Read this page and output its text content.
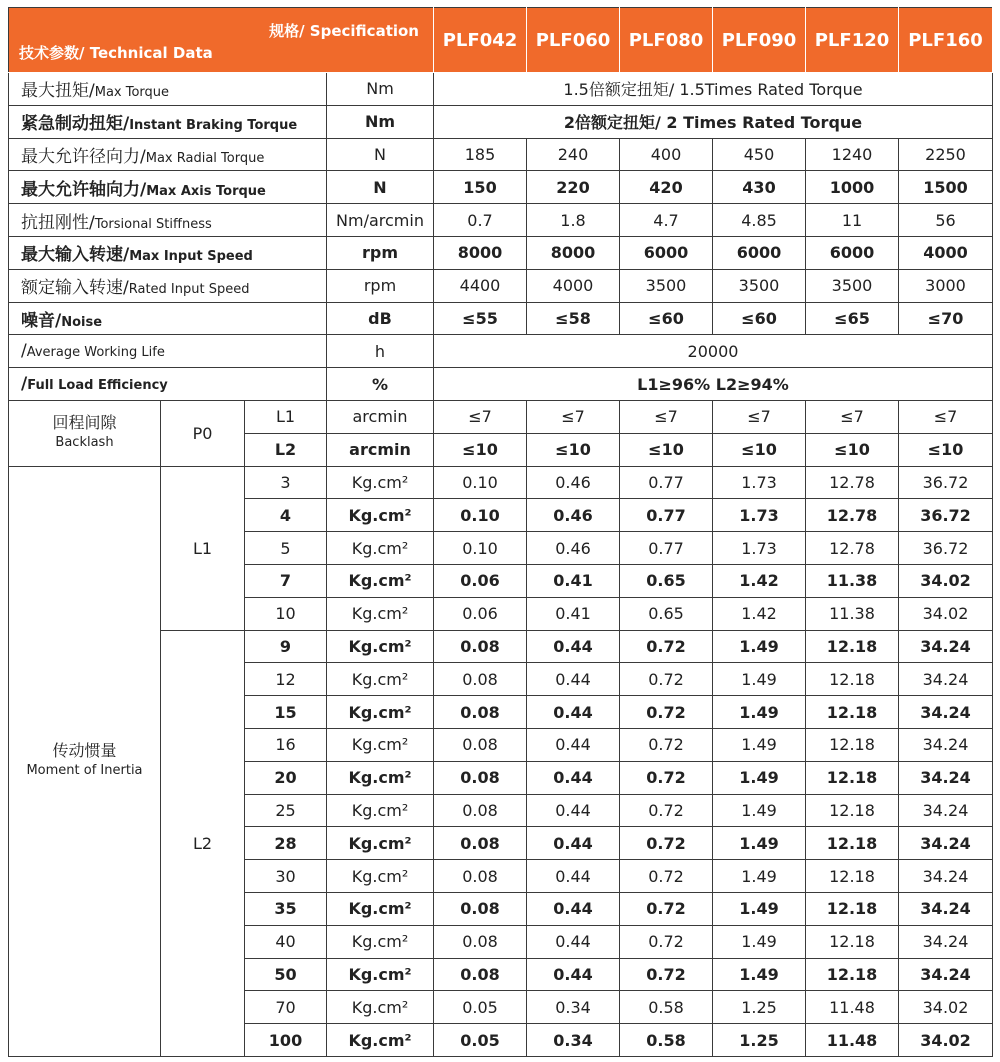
规格/ Specification
技术参数/ Technical Data				PLF042	PLF060	PLF080	PLF090	PLF120	PLF160
最大扭矩/Max Torque			Nm	1.5倍额定扭矩/ 1.5Times Rated Torque					
紧急制动扭矩/Instant Braking Torque			Nm	2倍额定扭矩/ 2 Times Rated Torque					
最大允许径向力/Max Radial Torque			N	185	240	400	450	1240	2250
最大允许轴向力/Max Axis Torque			N	150	220	420	430	1000	1500
抗扭刚性/Torsional Stiffness			Nm/arcmin	0.7	1.8	4.7	4.85	11	56
最大输入转速/Max Input Speed			rpm	8000	8000	6000	6000	6000	4000
额定输入转速/Rated Input Speed			rpm	4400	4000	3500	3500	3500	3000
噪音/Noise			dB	≤55	≤58	≤60	≤60	≤65	≤70
/Average Working Life			h	20000					
/Full Load Efficiency			%	L1≥96% L2≥94%					

回程间隙
Backlash	P0	L1	arcmin	≤7	≤7	≤7	≤7	≤7	≤7
		L2	arcmin	≤10	≤10	≤10	≤10	≤10	≤10

传动惯量
Moment of Inertia	L1	3	Kg.cm²	0.10	0.46	0.77	1.73	12.78	36.72
		4	Kg.cm²	0.10	0.46	0.77	1.73	12.78	36.72
		5	Kg.cm²	0.10	0.46	0.77	1.73	12.78	36.72
		7	Kg.cm²	0.06	0.41	0.65	1.42	11.38	34.02
		10	Kg.cm²	0.06	0.41	0.65	1.42	11.38	34.02
	L2	9	Kg.cm²	0.08	0.44	0.72	1.49	12.18	34.24
		12	Kg.cm²	0.08	0.44	0.72	1.49	12.18	34.24
		15	Kg.cm²	0.08	0.44	0.72	1.49	12.18	34.24
		16	Kg.cm²	0.08	0.44	0.72	1.49	12.18	34.24
		20	Kg.cm²	0.08	0.44	0.72	1.49	12.18	34.24
		25	Kg.cm²	0.08	0.44	0.72	1.49	12.18	34.24
		28	Kg.cm²	0.08	0.44	0.72	1.49	12.18	34.24
		30	Kg.cm²	0.08	0.44	0.72	1.49	12.18	34.24
		35	Kg.cm²	0.08	0.44	0.72	1.49	12.18	34.24
		40	Kg.cm²	0.08	0.44	0.72	1.49	12.18	34.24
		50	Kg.cm²	0.08	0.44	0.72	1.49	12.18	34.24
		70	Kg.cm²	0.05	0.34	0.58	1.25	11.48	34.02
		100	Kg.cm²	0.05	0.34	0.58	1.25	11.48	34.02
